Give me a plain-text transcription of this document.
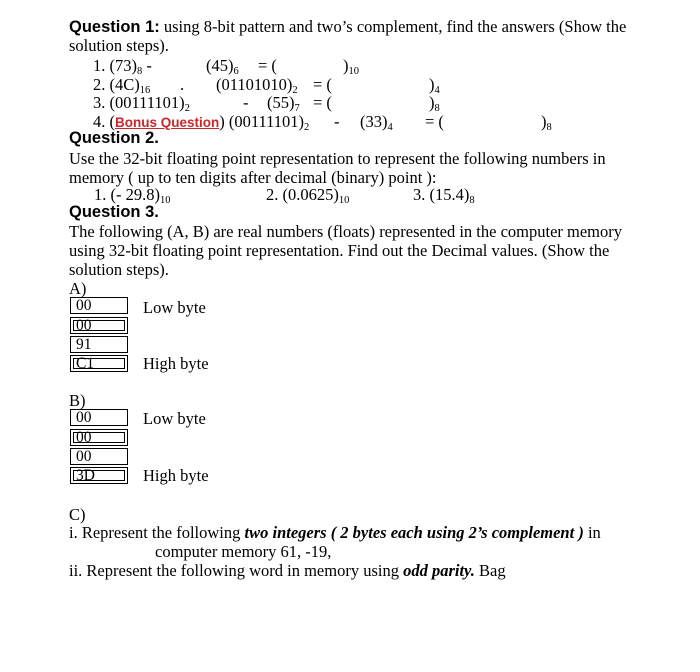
Question 1: using 8-bit pattern and two’s complement, find the answers (Show the
solution steps).
1. $(73)_8$ -	$(45)_6$ = (	)$_{10}$
2. $(4C)_{16}$ . $(01101010)_2$ = (	)$_4$
3. $(00111101)_2$	- $(55)_7$ = (	)$_8$
4. (Bonus Question) $(00111101)_2 - (33)_4$ = (	)$_8$
Question 2.
Use the 32-bit floating point representation to represent the following numbers in
memory ( up to ten digits after decimal (binary) point ):
1. (- $29.8)_{10}$	2. $(0.0625)_{10}$	3. $(15.4)_8$
Question 3.
The following (A, B) are real numbers (floats) represented in the computer memory
using 32-bit floating point representation. Find out the Decimal values. (Show the
solution steps).
A)
00
00
91
C1
Low byte
High byte
B)
00
00
00
3D
Low byte
High byte
C)
i. Represent the following two integers ( 2 bytes each using 2’s complement ) in
computer memory 61, -19,
ii. Represent the following word in memory using odd parity. Bag
